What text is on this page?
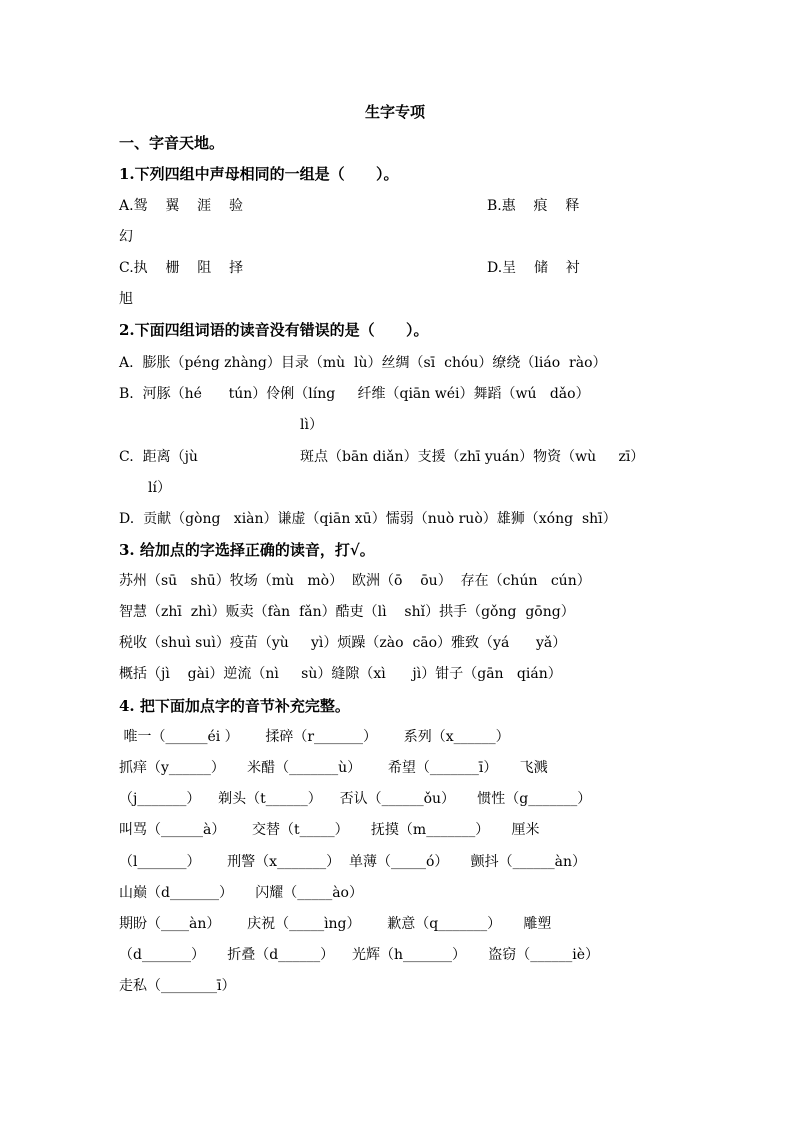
生字专项
一、字音天地。
1.下列四组中声母相同的一组是（      ）。
A.鸳    翼    涯    验	B.惠    痕    释
幻
C.执    栅    阻    择	D.呈    储    衬
旭
2.下面四组词语的读音没有错误的是（      ）。
A.  膨胀（péng zhàng）目录（mù  lù）丝绸（sī  chóu）缭绕（liáo  rào）
B.  河豚（hé      tún）伶俐（líng     纤维（qiān wéi）舞蹈（wú   dǎo）
lì）
C.  距离（jù	斑点（bān diǎn）支援（zhī yuán）物资（wù     zī）
lí）
D.  贡献（gòng   xiàn）谦虚（qiān xū）懦弱（nuò ruò）雄狮（xóng  shī）
3. 给加点的字选择正确的读音，打√。
苏州（sū   shū）牧场（mù   mò）  欧洲（ō    ōu）  存在（chún   cún）
智慧（zhī  zhì）贩卖（fàn  fǎn）酷吏（lì    shǐ）拱手（gǒng  gōng）
税收（shuì suì）疫苗（yù     yì）烦躁（zào  cāo）雅致（yá      yǎ）
概括（jì    gài）逆流（nì     sù）缝隙（xì      jì）钳子（gān   qián）
4. 把下面加点字的音节补充完整。
唯一（______éi ）      揉碎（r_______）      系列（x______）
抓痒（y______）     米醋（_______ù）      希望（_______ī）     飞溅
（j_______）    剃头（t______）    否认（______ǒu）     惯性（g_______）
叫骂（______à）      交替（t_____）     抚摸（m_______）     厘米
（l_______）      刑警（x_______）  单薄（_____ó）     颤抖（______àn）
山巅（d_______）     闪耀（_____ào）
期盼（____àn）      庆祝（_____ìng）      歉意（q_______）     雕塑
（d_______）     折叠（d______）    光辉（h_______）     盗窃（______iè）
走私（________ī）
